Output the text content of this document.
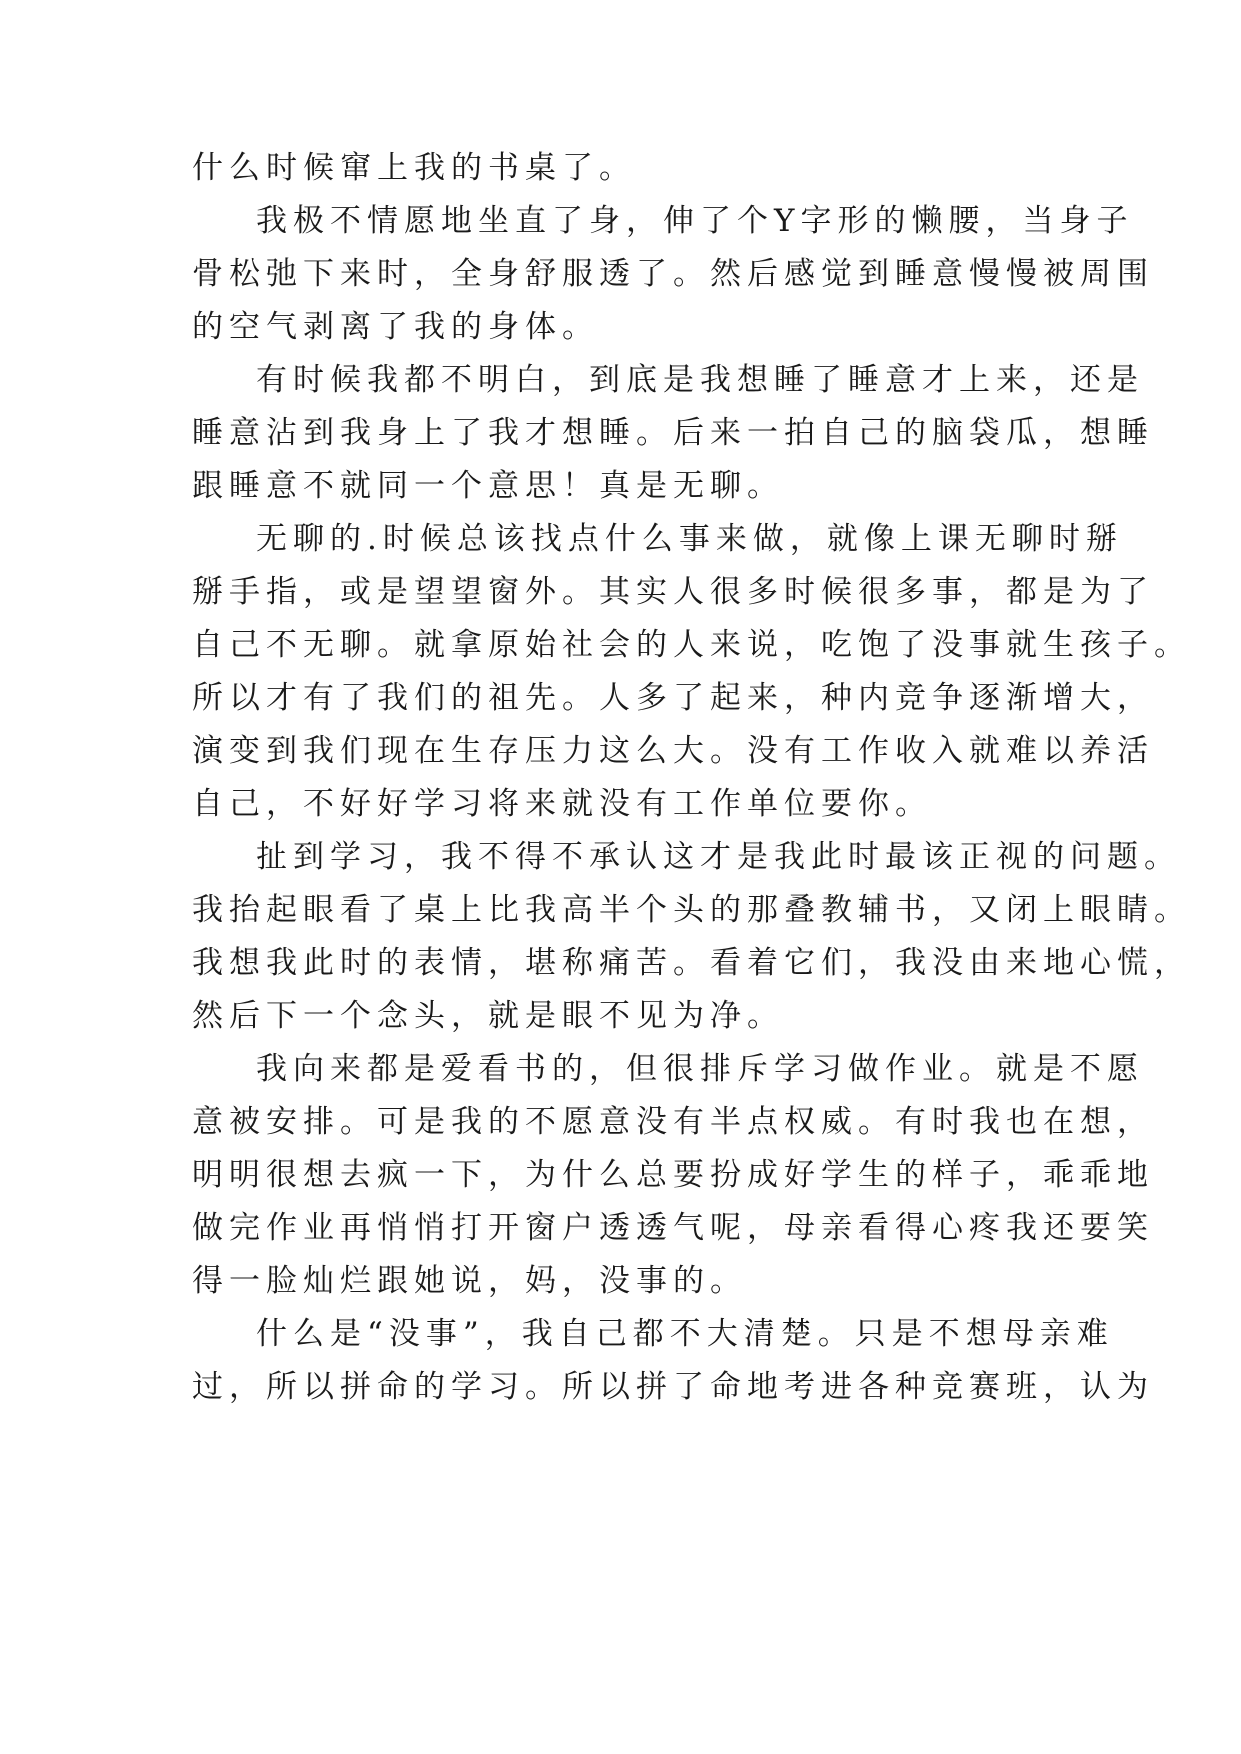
什么时候窜上我的书桌了。
我极不情愿地坐直了身，伸了个Y字形的懒腰，当身子
骨松弛下来时，全身舒服透了。然后感觉到睡意慢慢被周围
的空气剥离了我的身体。
有时候我都不明白，到底是我想睡了睡意才上来，还是
睡意沾到我身上了我才想睡。后来一拍自己的脑袋瓜，想睡
跟睡意不就同一个意思！真是无聊。
无聊的.时候总该找点什么事来做，就像上课无聊时掰
掰手指，或是望望窗外。其实人很多时候很多事，都是为了
自己不无聊。就拿原始社会的人来说，吃饱了没事就生孩子。
所以才有了我们的祖先。人多了起来，种内竞争逐渐增大，
演变到我们现在生存压力这么大。没有工作收入就难以养活
自己，不好好学习将来就没有工作单位要你。
扯到学习，我不得不承认这才是我此时最该正视的问题。
我抬起眼看了桌上比我高半个头的那叠教辅书，又闭上眼睛。
我想我此时的表情，堪称痛苦。看着它们，我没由来地心慌，
然后下一个念头，就是眼不见为净。
我向来都是爱看书的，但很排斥学习做作业。就是不愿
意被安排。可是我的不愿意没有半点权威。有时我也在想，
明明很想去疯一下，为什么总要扮成好学生的样子，乖乖地
做完作业再悄悄打开窗户透透气呢，母亲看得心疼我还要笑
得一脸灿烂跟她说，妈，没事的。
什么是“没事”，我自己都不大清楚。只是不想母亲难
过，所以拼命的学习。所以拼了命地考进各种竞赛班，认为
